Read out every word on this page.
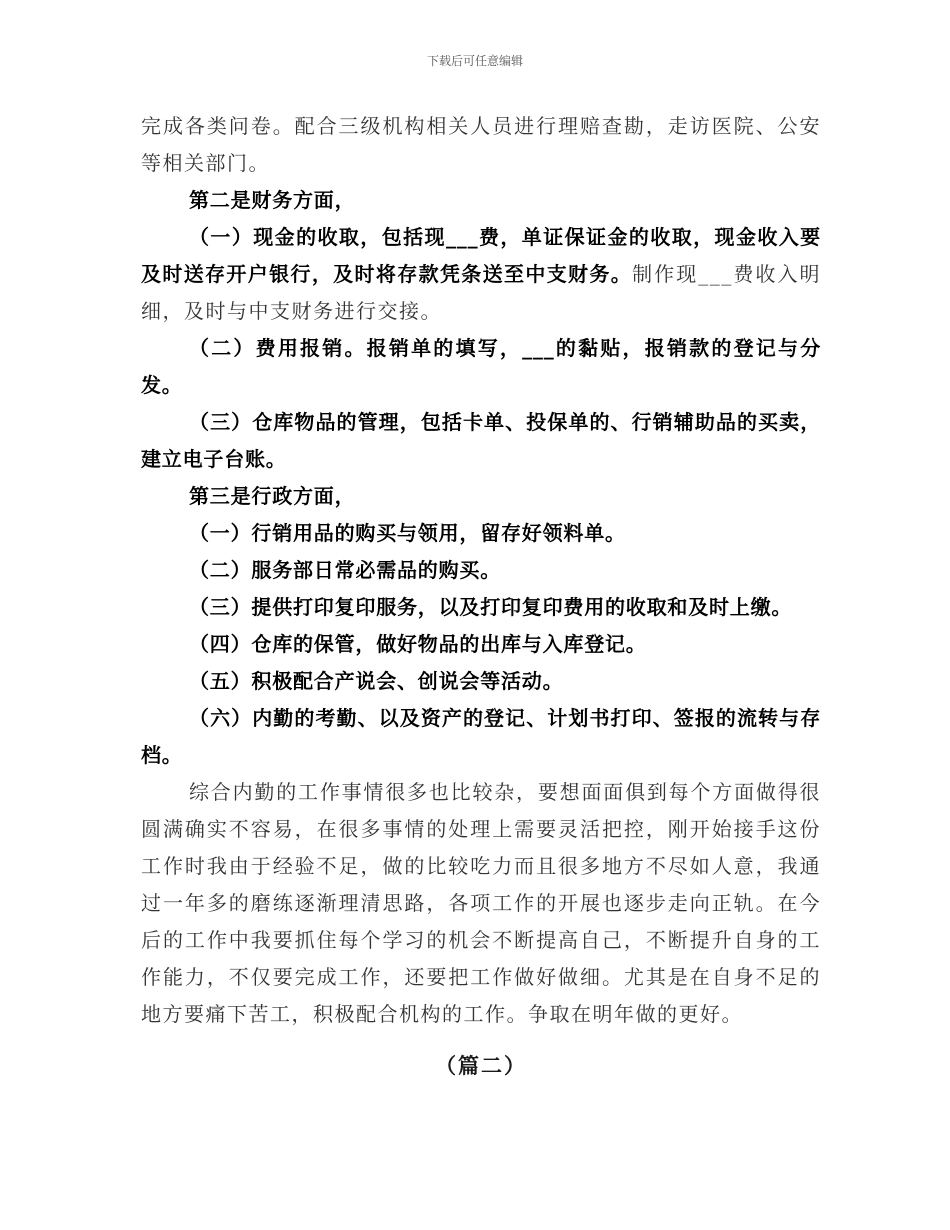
下载后可任意编辑

完成各类问卷。配合三级机构相关人员进行理赔查勘，走访医院、公安等相关部门。

第二是财务方面，

（一）现金的收取，包括现___费，单证保证金的收取，现金收入要及时送存开户银行，及时将存款凭条送至中支财务。制作现___费收入明细，及时与中支财务进行交接。

（二）费用报销。报销单的填写，___的黏贴，报销款的登记与分发。

（三）仓库物品的管理，包括卡单、投保单的、行销辅助品的买卖，建立电子台账。

第三是行政方面，

（一）行销用品的购买与领用，留存好领料单。

（二）服务部日常必需品的购买。

（三）提供打印复印服务，以及打印复印费用的收取和及时上缴。

（四）仓库的保管，做好物品的出库与入库登记。

（五）积极配合产说会、创说会等活动。

（六）内勤的考勤、以及资产的登记、计划书打印、签报的流转与存档。

综合内勤的工作事情很多也比较杂，要想面面俱到每个方面做得很圆满确实不容易，在很多事情的处理上需要灵活把控，刚开始接手这份工作时我由于经验不足，做的比较吃力而且很多地方不尽如人意，我通过一年多的磨练逐渐理清思路，各项工作的开展也逐步走向正轨。在今后的工作中我要抓住每个学习的机会不断提高自己，不断提升自身的工作能力，不仅要完成工作，还要把工作做好做细。尤其是在自身不足的地方要痛下苦工，积极配合机构的工作。争取在明年做的更好。

（篇二）
